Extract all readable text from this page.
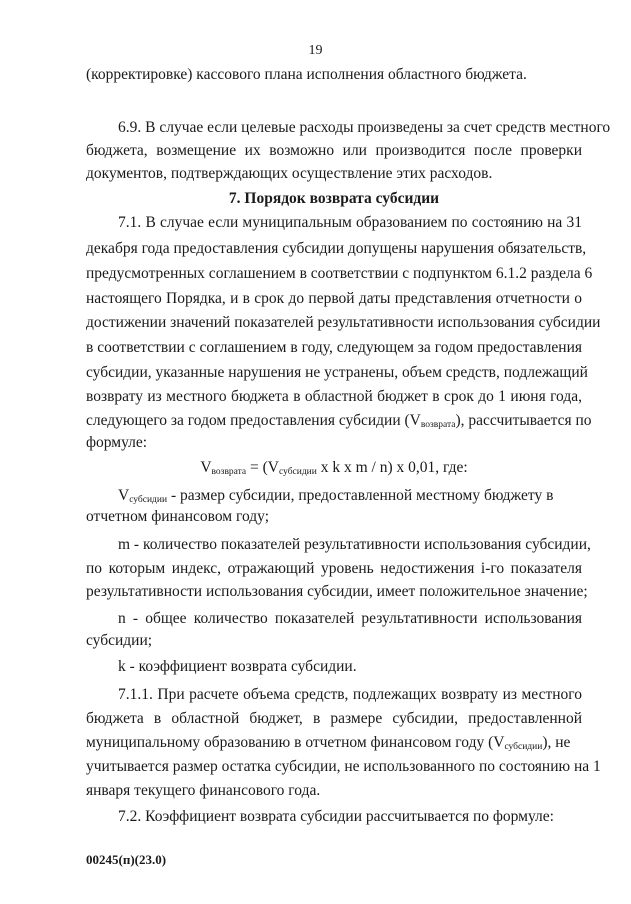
19
(корректировке) кассового плана исполнения областного бюджета.
6.9. В случае если целевые расходы произведены за счет средств местного
бюджета, возмещение их возможно или производится после проверки
документов, подтверждающих осуществление этих расходов.
7. Порядок возврата субсидии
7.1. В случае если муниципальным образованием по состоянию на 31
декабря года предоставления субсидии допущены нарушения обязательств,
предусмотренных соглашением в соответствии с подпунктом 6.1.2 раздела 6
настоящего Порядка, и в срок до первой даты представления отчетности о
достижении значений показателей результативности использования субсидии
в соответствии с соглашением в году, следующем за годом предоставления
субсидии, указанные нарушения не устранены, объем средств, подлежащий
возврату из местного бюджета в областной бюджет в срок до 1 июня года,
следующего за годом предоставления субсидии $(V_{возврата})$, рассчитывается по
формуле:
$V_{возврата} = (V_{субсидии}$ x k x m / n) x 0,01, где:
$V_{субсидии}$ - размер субсидии, предоставленной местному бюджету в
отчетном финансовом году;
m - количество показателей результативности использования субсидии,
по которым индекс, отражающий уровень недостижения i-го показателя
результативности использования субсидии, имеет положительное значение;
n - общее количество показателей результативности использования
субсидии;
k - коэффициент возврата субсидии.
7.1.1. При расчете объема средств, подлежащих возврату из местного
бюджета в областной бюджет, в размере субсидии, предоставленной
муниципальному образованию в отчетном финансовом году $(V_{субсидии})$, не
учитывается размер остатка субсидии, не использованного по состоянию на 1
января текущего финансового года.
7.2. Коэффициент возврата субсидии рассчитывается по формуле:
00245(п)(23.0)
